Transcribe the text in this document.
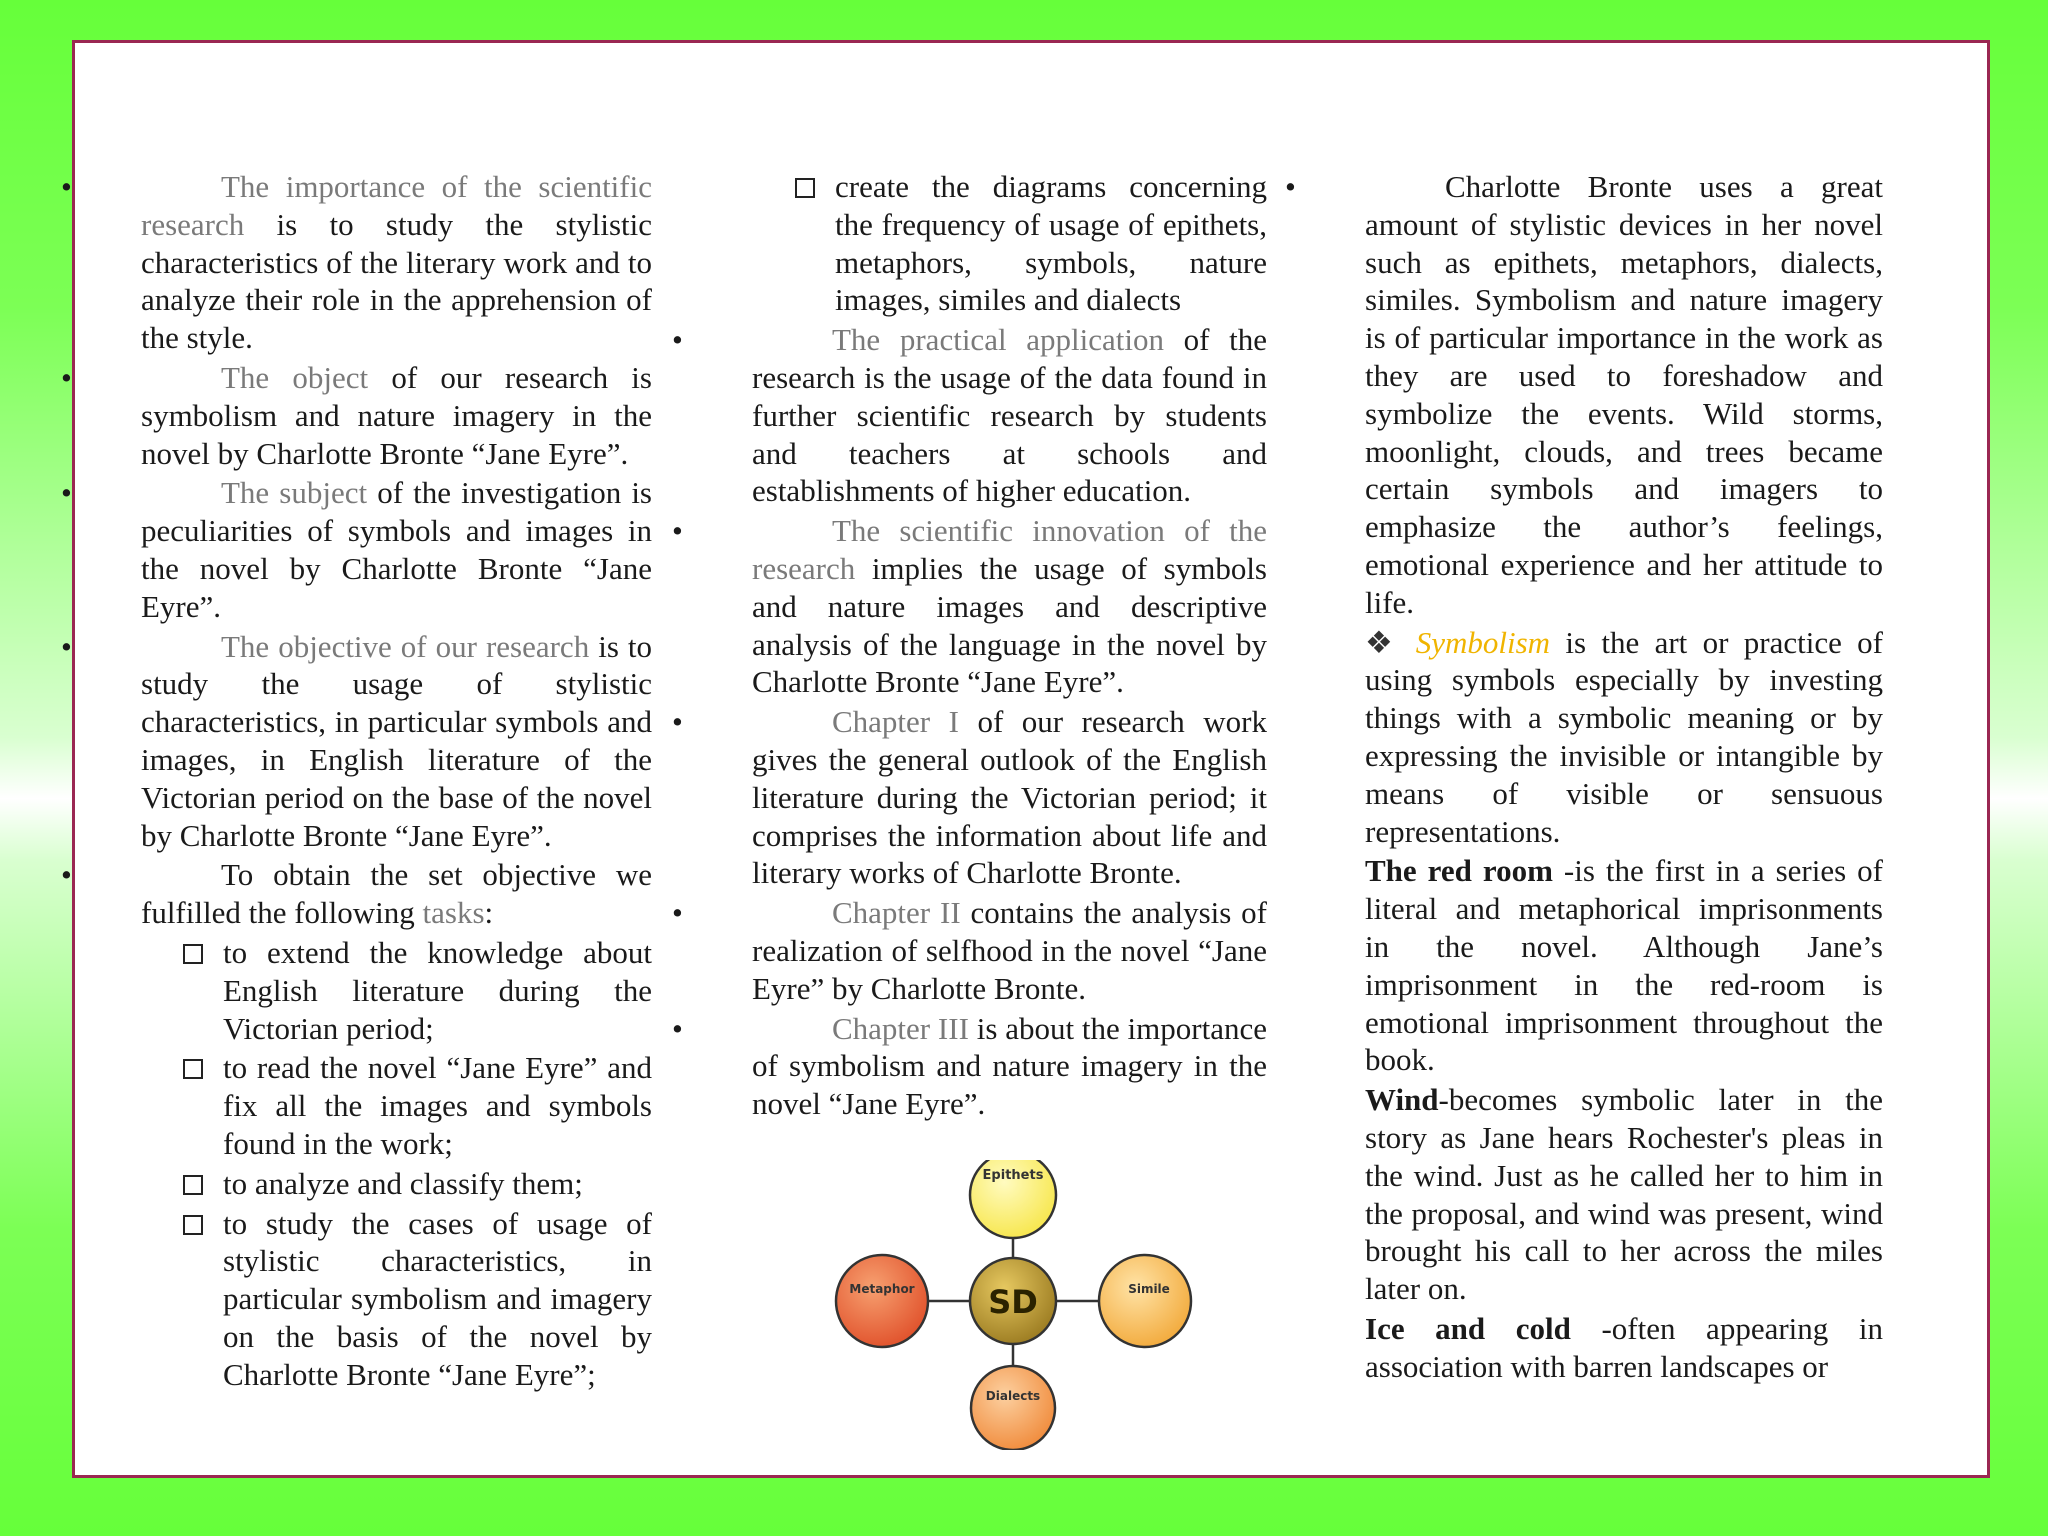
• The importance of the scientific research is to study the stylistic characteristics of the literary work and to analyze their role in the apprehension of the style.

• The object of our research is symbolism and nature imagery in the novel by Charlotte Bronte “Jane Eyre”.

• The subject of the investigation is peculiarities of symbols and images in the novel by Charlotte Bronte “Jane Eyre”.

• The objective of our research is to study the usage of stylistic characteristics, in particular symbols and images, in English literature of the Victorian period on the base of the novel by Charlotte Bronte “Jane Eyre”.

• To obtain the set objective we fulfilled the following tasks:

to extend the knowledge about English literature during the Victorian period;

to read the novel “Jane Eyre” and fix all the images and symbols found in the work;

to analyze and classify them;

to study the cases of usage of stylistic characteristics, in particular symbolism and imagery on the basis of the novel by Charlotte Bronte “Jane Eyre”;

create the diagrams concerning the frequency of usage of epithets, metaphors, symbols, nature images, similes and dialects

• The practical application of the research is the usage of the data found in further scientific research by students and teachers at schools and establishments of higher education.

• The scientific innovation of the research implies the usage of symbols and nature images and descriptive analysis of the language in the novel by Charlotte Bronte “Jane Eyre”.

• Chapter I of our research work gives the general outlook of the English literature during the Victorian period; it comprises the information about life and literary works of Charlotte Bronte.

• Chapter II contains the analysis of realization of selfhood in the novel “Jane Eyre” by Charlotte Bronte.

• Chapter III is about the importance of symbolism and nature imagery in the novel “Jane Eyre”.

• Charlotte Bronte uses a great amount of stylistic devices in her novel such as epithets, metaphors, dialects, similes. Symbolism and nature imagery is of particular importance in the work as they are used to foreshadow and symbolize the events. Wild storms, moonlight, clouds, and trees became certain symbols and imagers to emphasize the author’s feelings, emotional experience and her attitude to life.

❖ Symbolism is the art or practice of using symbols especially by investing things with a symbolic meaning or by expressing the invisible or intangible by means of visible or sensuous representations.

The red room -is the first in a series of literal and metaphorical imprisonments in the novel. Although Jane’s imprisonment in the red-room is emotional imprisonment throughout the book.

Wind-becomes symbolic later in the story as Jane hears Rochester's pleas in the wind. Just as he called her to him in the proposal, and wind was present, wind brought his call to her across the miles later on.

Ice and cold -often appearing in association with barren landscapes or

Epithets
Metaphor	Simile
Dialects
SD
